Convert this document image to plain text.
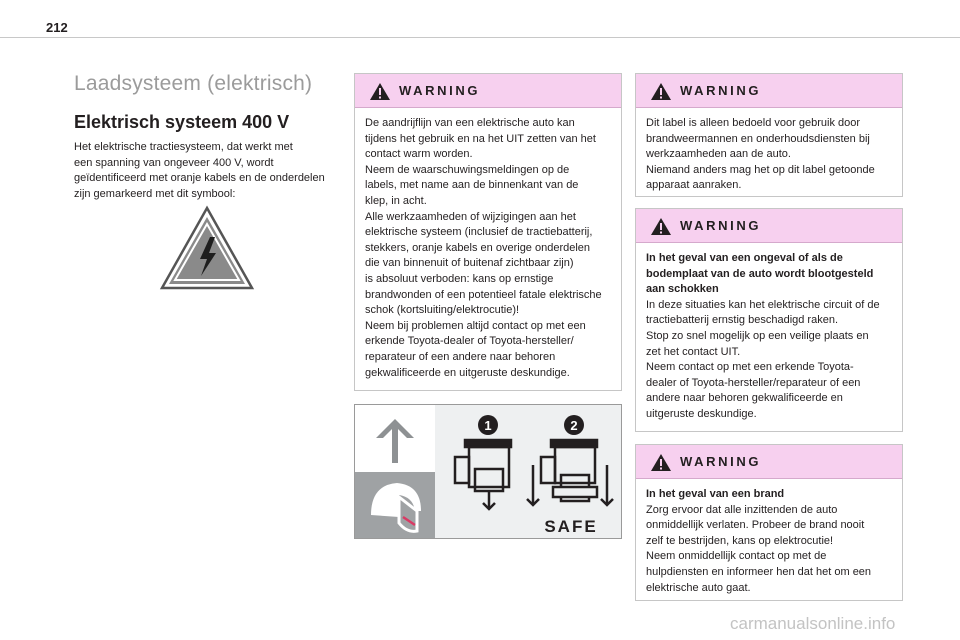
212
Laadsysteem (elektrisch)
Elektrisch systeem 400 V
Het elektrische tractiesysteem, dat werkt met
een spanning van ongeveer 400 V, wordt
geïdentificeerd met oranje kabels en de onderdelen
zijn gemarkeerd met dit symbool:
WARNING
De aandrijflijn van een elektrische auto kan
tijdens het gebruik en na het UIT zetten van het
contact warm worden.
Neem de waarschuwingsmeldingen op de
labels, met name aan de binnenkant van de
klep, in acht.
Alle werkzaamheden of wijzigingen aan het
elektrische systeem (inclusief de tractiebatterij,
stekkers, oranje kabels en overige onderdelen
die van binnenuit of buitenaf zichtbaar zijn)
is absoluut verboden: kans op ernstige
brandwonden of een potentieel fatale elektrische
schok (kortsluiting/elektrocutie)!
Neem bij problemen altijd contact op met een
erkende Toyota-dealer of Toyota-hersteller/
reparateur of een andere naar behoren
gekwalificeerde en uitgeruste deskundige.
1	2
SAFE
WARNING
Dit label is alleen bedoeld voor gebruik door
brandweermannen en onderhoudsdiensten bij
werkzaamheden aan de auto.
Niemand anders mag het op dit label getoonde
apparaat aanraken.
WARNING
In het geval van een ongeval of als de
bodemplaat van de auto wordt blootgesteld
aan schokken
In deze situaties kan het elektrische circuit of de
tractiebatterij ernstig beschadigd raken.
Stop zo snel mogelijk op een veilige plaats en
zet het contact UIT.
Neem contact op met een erkende Toyota-
dealer of Toyota-hersteller/reparateur of een
andere naar behoren gekwalificeerde en
uitgeruste deskundige.
WARNING
In het geval van een brand
Zorg ervoor dat alle inzittenden de auto
onmiddellijk verlaten. Probeer de brand nooit
zelf te bestrijden, kans op elektrocutie!
Neem onmiddellijk contact op met de
hulpdiensten en informeer hen dat het om een
elektrische auto gaat.
carmanualsonline.info
